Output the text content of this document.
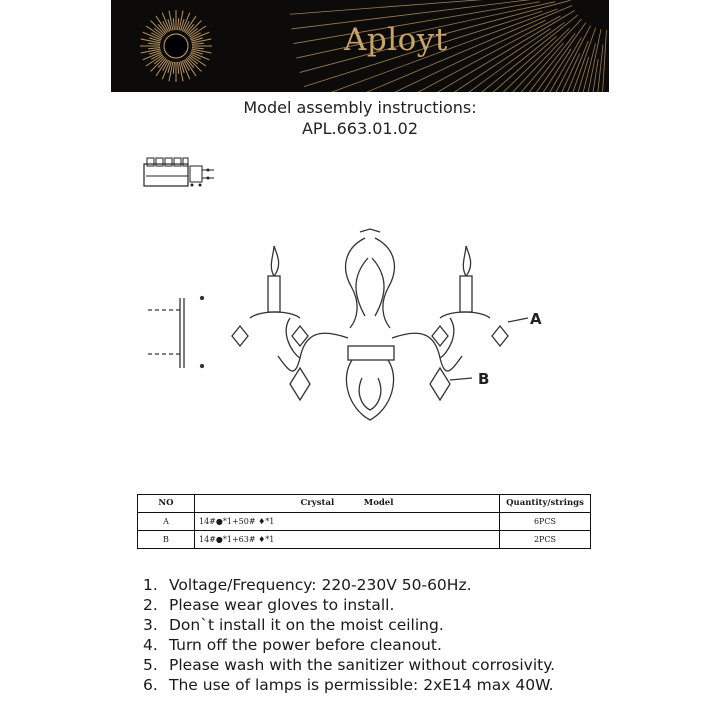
Aployt
Model assembly instructions:
APL.663.01.02
A
B
NO	Crystal Model	Quantity/strings
A	14#●*1+50# ♦*1	6PCS
B	14#●*1+63# ♦*1	2PCS
1. Voltage/Frequency: 220-230V 50-60Hz.
2. Please wear gloves to install.
3. Don`t install it on the moist ceiling.
4. Turn off the power before cleanout.
5. Please wash with the sanitizer without corrosivity.
6. The use of lamps is permissible: 2xE14 max 40W.
